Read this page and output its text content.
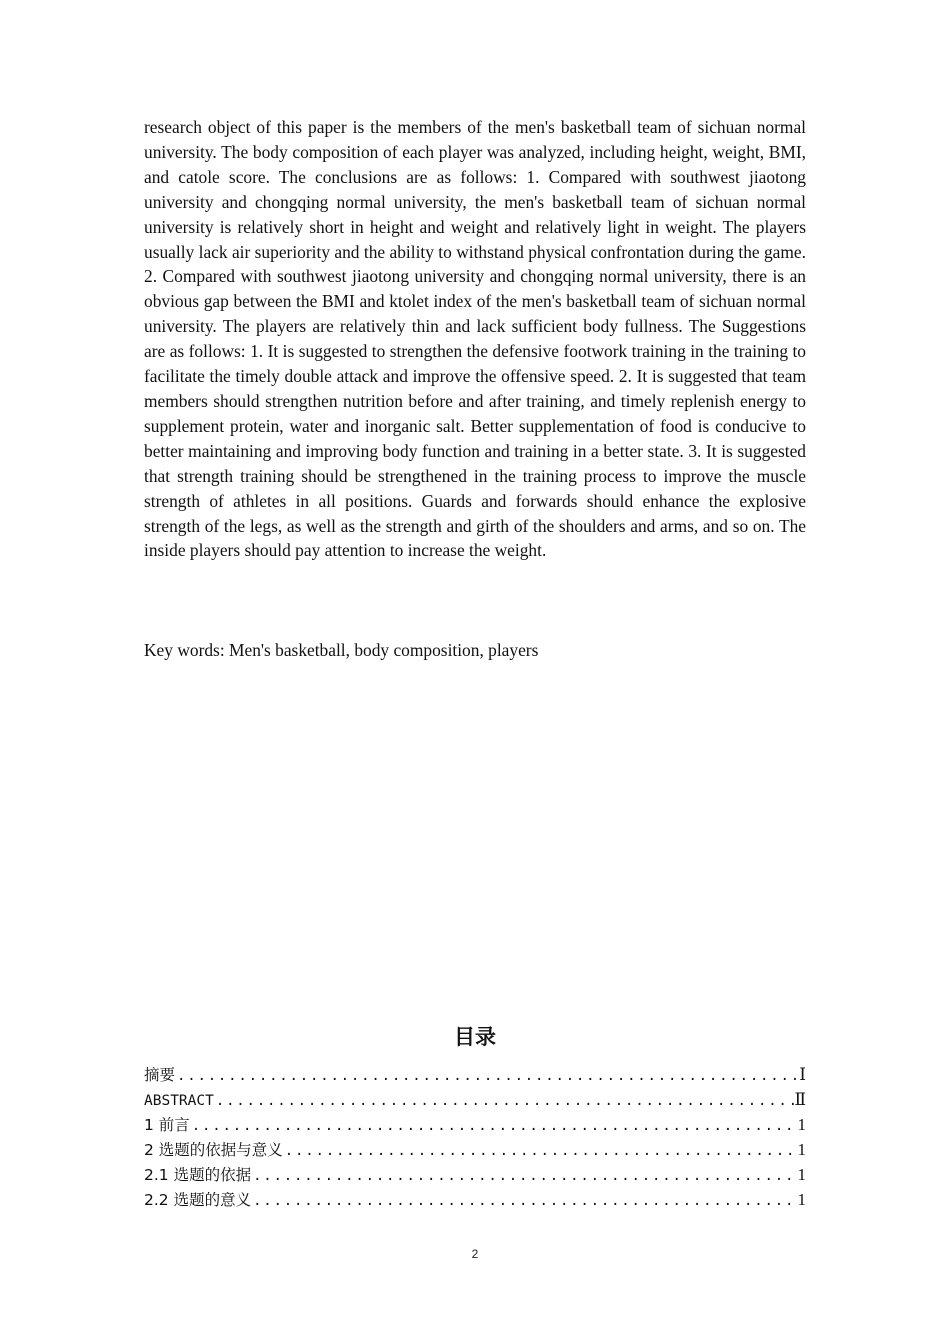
research object of this paper is the members of the men's basketball team of sichuan normal university. The body composition of each player was analyzed, including height, weight, BMI, and catole score. The conclusions are as follows: 1. Compared with southwest jiaotong university and chongqing normal university, the men's basketball team of sichuan normal university is relatively short in height and weight and relatively light in weight. The players usually lack air superiority and the ability to withstand physical confrontation during the game. 2. Compared with southwest jiaotong university and chongqing normal university, there is an obvious gap between the BMI and ktolet index of the men's basketball team of sichuan normal university. The players are relatively thin and lack sufficient body fullness. The Suggestions are as follows: 1. It is suggested to strengthen the defensive footwork training in the training to facilitate the timely double attack and improve the offensive speed. 2. It is suggested that team members should strengthen nutrition before and after training, and timely replenish energy to supplement protein, water and inorganic salt. Better supplementation of food is conducive to better maintaining and improving body function and training in a better state. 3. It is suggested that strength training should be strengthened in the training process to improve the muscle strength of athletes in all positions. Guards and forwards should enhance the explosive strength of the legs, as well as the strength and girth of the shoulders and arms, and so on. The inside players should pay attention to increase the weight.

Key words: Men's basketball, body composition, players

目录
摘要 .....	Ⅰ
ABSTRACT .....	Ⅱ
1 前言 .....	1
2 选题的依据与意义 .....	1
2.1 选题的依据 .....	1
2.2 选题的意义 .....	1

2
